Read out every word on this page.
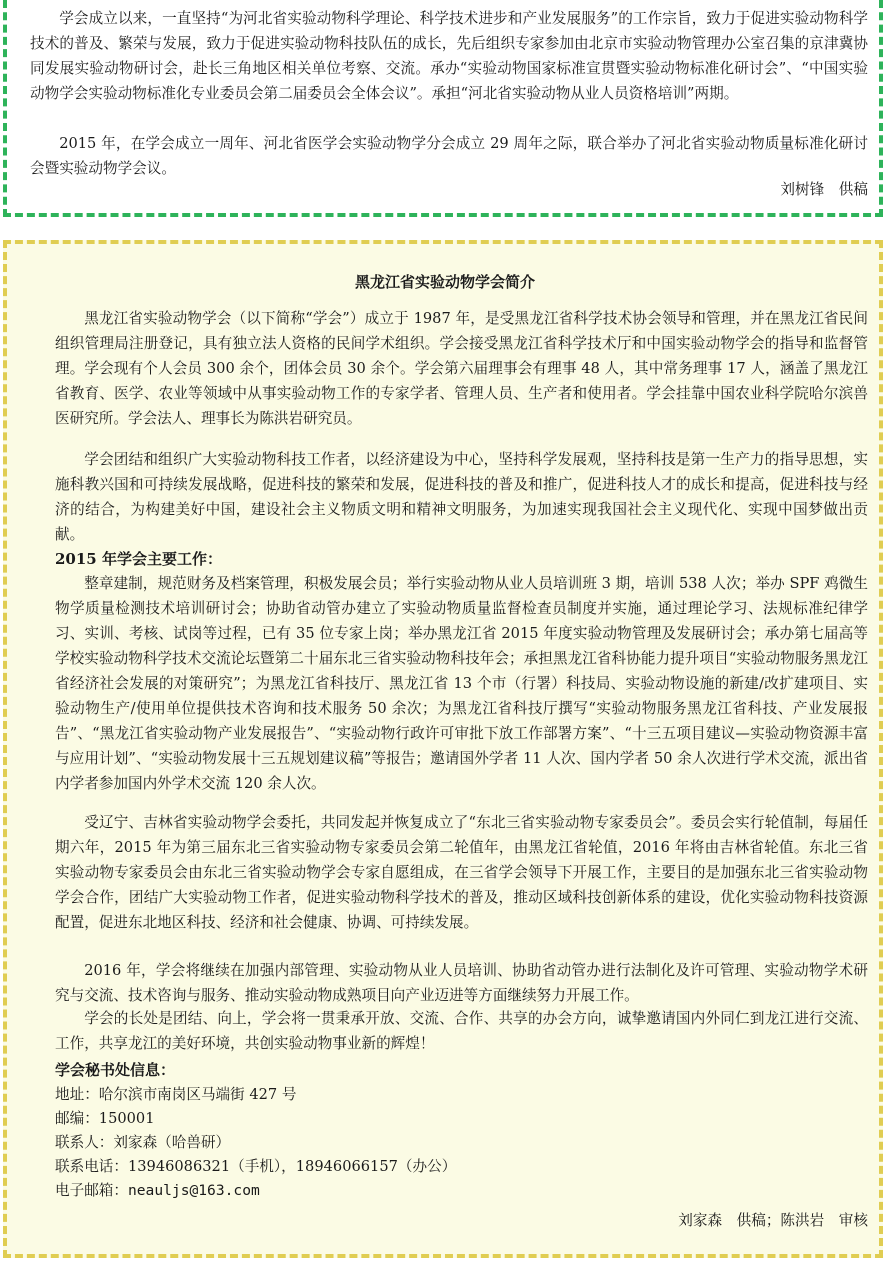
学会成立以来，一直坚持“为河北省实验动物科学理论、科学技术进步和产业发展服务”的工作宗旨，致力于促进实验动物科学技术的普及、繁荣与发展，致力于促进实验动物科技队伍的成长，先后组织专家参加由北京市实验动物管理办公室召集的京津冀协同发展实验动物研讨会，赴长三角地区相关单位考察、交流。承办“实验动物国家标准宣贯暨实验动物标准化研讨会”、“中国实验动物学会实验动物标准化专业委员会第二届委员会全体会议”。承担“河北省实验动物从业人员资格培训”两期。

2015 年，在学会成立一周年、河北省医学会实验动物学分会成立 29 周年之际，联合举办了河北省实验动物质量标准化研讨会暨实验动物学会议。

刘树锋　供稿
黑龙江省实验动物学会简介

黑龙江省实验动物学会（以下简称“学会”）成立于 1987 年，是受黑龙江省科学技术协会领导和管理，并在黑龙江省民间组织管理局注册登记，具有独立法人资格的民间学术组织。学会接受黑龙江省科学技术厅和中国实验动物学会的指导和监督管理。学会现有个人会员 300 余个，团体会员 30 余个。学会第六届理事会有理事 48 人，其中常务理事 17 人，涵盖了黑龙江省教育、医学、农业等领域中从事实验动物工作的专家学者、管理人员、生产者和使用者。学会挂靠中国农业科学院哈尔滨兽医研究所。学会法人、理事长为陈洪岩研究员。

学会团结和组织广大实验动物科技工作者，以经济建设为中心，坚持科学发展观，坚持科技是第一生产力的指导思想，实施科教兴国和可持续发展战略，促进科技的繁荣和发展，促进科技的普及和推广，促进科技人才的成长和提高，促进科技与经济的结合，为构建美好中国，建设社会主义物质文明和精神文明服务，为加速实现我国社会主义现代化、实现中国梦做出贡献。

2015 年学会主要工作：

整章建制，规范财务及档案管理，积极发展会员；举行实验动物从业人员培训班 3 期，培训 538 人次；举办 SPF 鸡微生物学质量检测技术培训研讨会；协助省动管办建立了实验动物质量监督检查员制度并实施，通过理论学习、法规标准纪律学习、实训、考核、试岗等过程，已有 35 位专家上岗；举办黑龙江省 2015 年度实验动物管理及发展研讨会；承办第七届高等学校实验动物科学技术交流论坛暨第二十届东北三省实验动物科技年会；承担黑龙江省科协能力提升项目“实验动物服务黑龙江省经济社会发展的对策研究”；为黑龙江省科技厅、黑龙江省 13 个市（行署）科技局、实验动物设施的新建/改扩建项目、实验动物生产/使用单位提供技术咨询和技术服务 50 余次；为黑龙江省科技厅撰写“实验动物服务黑龙江省科技、产业发展报告”、“黑龙江省实验动物产业发展报告”、“实验动物行政许可审批下放工作部署方案”、“十三五项目建议—实验动物资源丰富与应用计划”、“实验动物发展十三五规划建议稿”等报告；邀请国外学者 11 人次、国内学者 50 余人次进行学术交流，派出省内学者参加国内外学术交流 120 余人次。

受辽宁、吉林省实验动物学会委托，共同发起并恢复成立了“东北三省实验动物专家委员会”。委员会实行轮值制，每届任期六年，2015 年为第三届东北三省实验动物专家委员会第二轮值年，由黑龙江省轮值，2016 年将由吉林省轮值。东北三省实验动物专家委员会由东北三省实验动物学会专家自愿组成，在三省学会领导下开展工作，主要目的是加强东北三省实验动物学会合作，团结广大实验动物工作者，促进实验动物科学技术的普及，推动区域科技创新体系的建设，优化实验动物科技资源配置，促进东北地区科技、经济和社会健康、协调、可持续发展。

2016 年，学会将继续在加强内部管理、实验动物从业人员培训、协助省动管办进行法制化及许可管理、实验动物学术研究与交流、技术咨询与服务、推动实验动物成熟项目向产业迈进等方面继续努力开展工作。

学会的长处是团结、向上，学会将一贯秉承开放、交流、合作、共享的办会方向，诚挚邀请国内外同仁到龙江进行交流、工作，共享龙江的美好环境，共创实验动物事业新的辉煌！

学会秘书处信息：
地址：哈尔滨市南岗区马端街 427 号
邮编：150001
联系人：刘家森（哈兽研）
联系电话：13946086321（手机），18946066157（办公）
电子邮箱：neauljs@163.com
刘家森　供稿；陈洪岩　审核
